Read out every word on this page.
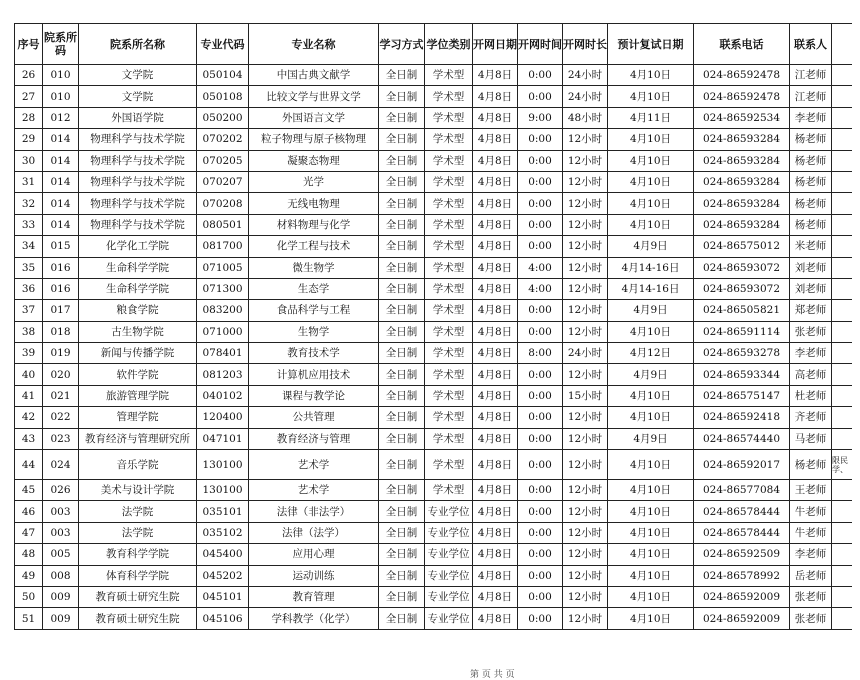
序号	院系所码	院系所名称	专业代码	专业名称	学习方式	学位类别	开网日期	开网时间	开网时长	预计复试日期	联系电话	联系人	
26	010	文学院	050104	中国古典文献学	全日制	学术型	4月8日	0:00	24小时	4月10日	024-86592478	江老师	
27	010	文学院	050108	比较文学与世界文学	全日制	学术型	4月8日	0:00	24小时	4月10日	024-86592478	江老师	
28	012	外国语学院	050200	外国语言文学	全日制	学术型	4月8日	9:00	48小时	4月11日	024-86592534	李老师	
29	014	物理科学与技术学院	070202	粒子物理与原子核物理	全日制	学术型	4月8日	0:00	12小时	4月10日	024-86593284	杨老师	
30	014	物理科学与技术学院	070205	凝聚态物理	全日制	学术型	4月8日	0:00	12小时	4月10日	024-86593284	杨老师	
31	014	物理科学与技术学院	070207	光学	全日制	学术型	4月8日	0:00	12小时	4月10日	024-86593284	杨老师	
32	014	物理科学与技术学院	070208	无线电物理	全日制	学术型	4月8日	0:00	12小时	4月10日	024-86593284	杨老师	
33	014	物理科学与技术学院	080501	材料物理与化学	全日制	学术型	4月8日	0:00	12小时	4月10日	024-86593284	杨老师	
34	015	化学化工学院	081700	化学工程与技术	全日制	学术型	4月8日	0:00	12小时	4月9日	024-86575012	米老师	
35	016	生命科学学院	071005	微生物学	全日制	学术型	4月8日	4:00	12小时	4月14-16日	024-86593072	刘老师	
36	016	生命科学学院	071300	生态学	全日制	学术型	4月8日	4:00	12小时	4月14-16日	024-86593072	刘老师	
37	017	粮食学院	083200	食品科学与工程	全日制	学术型	4月8日	0:00	12小时	4月9日	024-86505821	郑老师	
38	018	古生物学院	071000	生物学	全日制	学术型	4月8日	0:00	12小时	4月10日	024-86591114	张老师	
39	019	新闻与传播学院	078401	教育技术学	全日制	学术型	4月8日	8:00	24小时	4月12日	024-86593278	李老师	
40	020	软件学院	081203	计算机应用技术	全日制	学术型	4月8日	0:00	12小时	4月9日	024-86593344	高老师	
41	021	旅游管理学院	040102	课程与教学论	全日制	学术型	4月8日	0:00	15小时	4月10日	024-86575147	杜老师	
42	022	管理学院	120400	公共管理	全日制	学术型	4月8日	0:00	12小时	4月10日	024-86592418	齐老师	
43	023	教育经济与管理研究所	047101	教育经济与管理	全日制	学术型	4月8日	0:00	12小时	4月9日	024-86574440	马老师	
44	024	音乐学院	130100	艺术学	全日制	学术型	4月8日	0:00	12小时	4月10日	024-86592017	杨老师	限民 学、
45	026	美术与设计学院	130100	艺术学	全日制	学术型	4月8日	0:00	12小时	4月10日	024-86577084	王老师	
46	003	法学院	035101	法律（非法学）	全日制	专业学位	4月8日	0:00	12小时	4月10日	024-86578444	牛老师	
47	003	法学院	035102	法律（法学）	全日制	专业学位	4月8日	0:00	12小时	4月10日	024-86578444	牛老师	
48	005	教育科学学院	045400	应用心理	全日制	专业学位	4月8日	0:00	12小时	4月10日	024-86592509	李老师	
49	008	体育科学学院	045202	运动训练	全日制	专业学位	4月8日	0:00	12小时	4月10日	024-86578992	岳老师	
50	009	教育硕士研究生院	045101	教育管理	全日制	专业学位	4月8日	0:00	12小时	4月10日	024-86592009	张老师	
51	009	教育硕士研究生院	045106	学科教学（化学）	全日制	专业学位	4月8日	0:00	12小时	4月10日	024-86592009	张老师	
第 页 共 页
